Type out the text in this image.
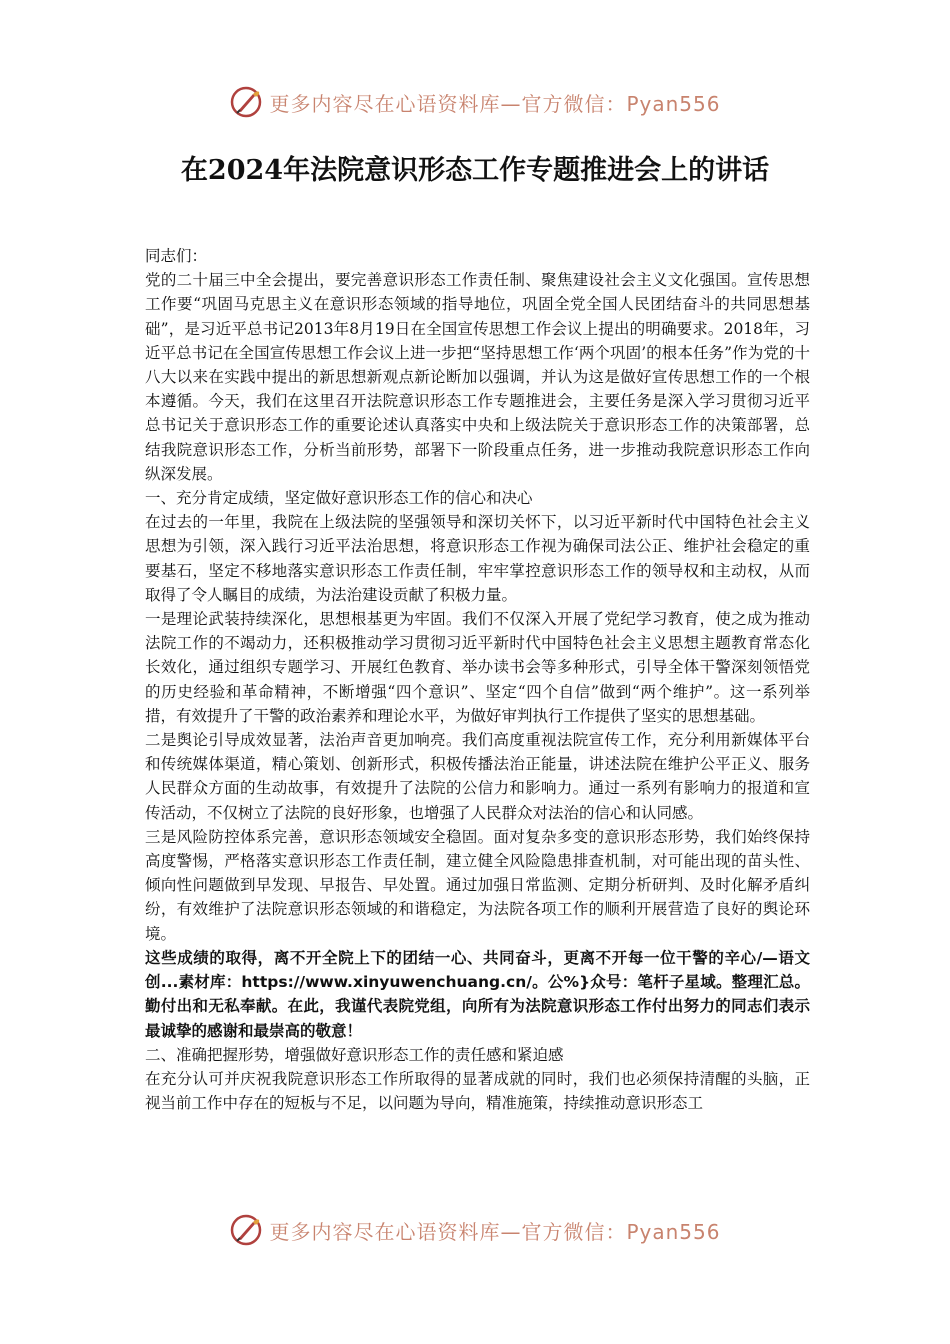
更多内容尽在心语资料库—官方微信：Pyan556
在2024年法院意识形态工作专题推进会上的讲话

同志们：

党的二十届三中全会提出，要完善意识形态工作责任制、聚焦建设社会主义文化强国。宣传思想工作要“巩固马克思主义在意识形态领域的指导地位，巩固全党全国人民团结奋斗的共同思想基础”，是习近平总书记2013年8月19日在全国宣传思想工作会议上提出的明确要求。2018年，习近平总书记在全国宣传思想工作会议上进一步把“坚持思想工作‘两个巩固’的根本任务”作为党的十八大以来在实践中提出的新思想新观点新论断加以强调，并认为这是做好宣传思想工作的一个根本遵循。今天，我们在这里召开法院意识形态工作专题推进会，主要任务是深入学习贯彻习近平总书记关于意识形态工作的重要论述认真落实中央和上级法院关于意识形态工作的决策部署，总结我院意识形态工作，分析当前形势，部署下一阶段重点任务，进一步推动我院意识形态工作向纵深发展。

一、充分肯定成绩，坚定做好意识形态工作的信心和决心

在过去的一年里，我院在上级法院的坚强领导和深切关怀下，以习近平新时代中国特色社会主义思想为引领，深入践行习近平法治思想，将意识形态工作视为确保司法公正、维护社会稳定的重要基石，坚定不移地落实意识形态工作责任制，牢牢掌控意识形态工作的领导权和主动权，从而取得了令人瞩目的成绩，为法治建设贡献了积极力量。

一是理论武装持续深化，思想根基更为牢固。我们不仅深入开展了党纪学习教育，使之成为推动法院工作的不竭动力，还积极推动学习贯彻习近平新时代中国特色社会主义思想主题教育常态化长效化，通过组织专题学习、开展红色教育、举办读书会等多种形式，引导全体干警深刻领悟党的历史经验和革命精神，不断增强“四个意识”、坚定“四个自信”做到“两个维护”。这一系列举措，有效提升了干警的政治素养和理论水平，为做好审判执行工作提供了坚实的思想基础。

二是舆论引导成效显著，法治声音更加响亮。我们高度重视法院宣传工作，充分利用新媒体平台和传统媒体渠道，精心策划、创新形式，积极传播法治正能量，讲述法院在维护公平正义、服务人民群众方面的生动故事，有效提升了法院的公信力和影响力。通过一系列有影响力的报道和宣传活动，不仅树立了法院的良好形象，也增强了人民群众对法治的信心和认同感。

三是风险防控体系完善，意识形态领域安全稳固。面对复杂多变的意识形态形势，我们始终保持高度警惕，严格落实意识形态工作责任制，建立健全风险隐患排查机制，对可能出现的苗头性、倾向性问题做到早发现、早报告、早处置。通过加强日常监测、定期分析研判、及时化解矛盾纠纷，有效维护了法院意识形态领域的和谐稳定，为法院各项工作的顺利开展营造了良好的舆论环境。

这些成绩的取得，离不开全院上下的团结一心、共同奋斗，更离不开每一位干警的辛心/—语文创...素材库：https://www.xinyuwenchuang.cn/。公%}众号：笔杆子星域。整理汇总。勤付出和无私奉献。在此，我谨代表院党组，向所有为法院意识形态工作付出努力的同志们表示最诚挚的感谢和最崇高的敬意！

二、准确把握形势，增强做好意识形态工作的责任感和紧迫感

在充分认可并庆祝我院意识形态工作所取得的显著成就的同时，我们也必须保持清醒的头脑，正视当前工作中存在的短板与不足，以问题为导向，精准施策，持续推动意识形态工

更多内容尽在心语资料库—官方微信：Pyan556
